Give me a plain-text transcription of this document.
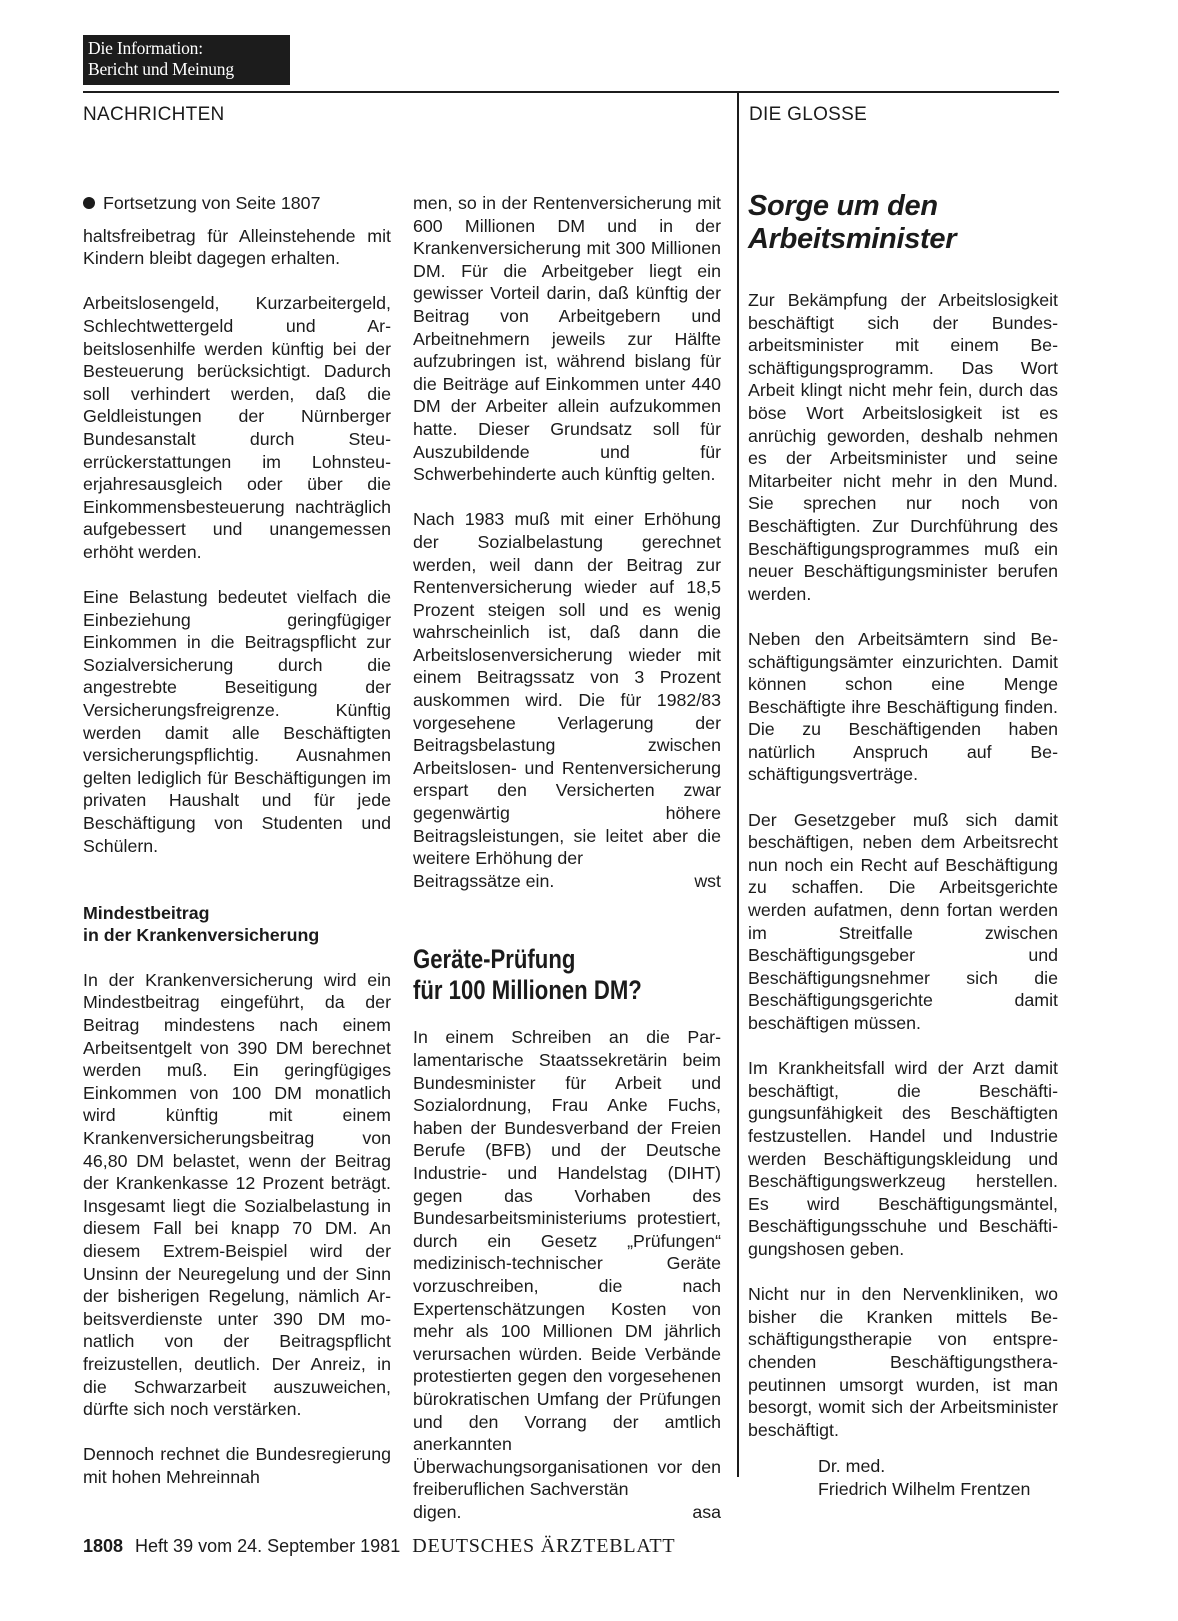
Die Information:
Bericht und Meinung
NACHRICHTEN	DIE GLOSSE

Fortsetzung von Seite 1807

haltsfreibetrag für Alleinstehende mit Kindern bleibt dagegen erhalten.

Arbeitslosengeld, Kurzarbeitergeld, Schlechtwettergeld und Arbeitslosenhilfe werden künftig bei der Besteuerung berücksichtigt. Dadurch soll verhindert werden, daß die Geldleistungen der Nürnberger Bundesanstalt durch Steuerrückerstattungen im Lohnsteuerjahresausgleich oder über die Einkommensbesteuerung nachträglich aufgebessert und unangemessen erhöht werden.

Eine Belastung bedeutet vielfach die Einbeziehung geringfügiger Einkommen in die Beitragspflicht zur Sozialversicherung durch die angestrebte Beseitigung der Versicherungsfreigrenze. Künftig werden damit alle Beschäftigten versicherungspflichtig. Ausnahmen gelten lediglich für Beschäftigungen im privaten Haushalt und für jede Beschäftigung von Studenten und Schülern.

Mindestbeitrag
in der Krankenversicherung

In der Krankenversicherung wird ein Mindestbeitrag eingeführt, da der Beitrag mindestens nach einem Arbeitsentgelt von 390 DM berechnet werden muß. Ein geringfügiges Einkommen von 100 DM monatlich wird künftig mit einem Krankenversicherungsbeitrag von 46,80 DM belastet, wenn der Beitrag der Krankenkasse 12 Prozent beträgt. Insgesamt liegt die Sozialbelastung in diesem Fall bei knapp 70 DM. An diesem Extrem-Beispiel wird der Unsinn der Neuregelung und der Sinn der bisherigen Regelung, nämlich Arbeitsverdienste unter 390 DM monatlich von der Beitragspflicht freizustellen, deutlich. Der Anreiz, in die Schwarzarbeit auszuweichen, dürfte sich noch verstärken.

Dennoch rechnet die Bundesregierung mit hohen Mehreinnah

men, so in der Rentenversicherung mit 600 Millionen DM und in der Krankenversicherung mit 300 Millionen DM. Für die Arbeitgeber liegt ein gewisser Vorteil darin, daß künftig der Beitrag von Arbeitgebern und Arbeitnehmern jeweils zur Hälfte aufzubringen ist, während bislang für die Beiträge auf Einkommen unter 440 DM der Arbeiter allein aufzukommen hatte. Dieser Grundsatz soll für Auszubildende und für Schwerbehinderte auch künftig gelten.

Nach 1983 muß mit einer Erhöhung der Sozialbelastung gerechnet werden, weil dann der Beitrag zur Rentenversicherung wieder auf 18,5 Prozent steigen soll und es wenig wahrscheinlich ist, daß dann die Arbeitslosenversicherung wieder mit einem Beitragssatz von 3 Prozent auskommen wird. Die für 1982/83 vorgesehene Verlagerung der Beitragsbelastung zwischen Arbeitslosen- und Rentenversicherung erspart den Versicherten zwar gegenwärtig höhere Beitragsleistungen, sie leitet aber die weitere Erhöhung der
Beitragssätze ein.	wst
Geräte-Prüfung
für 100 Millionen DM?
In einem Schreiben an die Parlamentarische Staatssekretärin beim Bundesminister für Arbeit und Sozialordnung, Frau Anke Fuchs, haben der Bundesverband der Freien Berufe (BFB) und der Deutsche Industrie- und Handelstag (DIHT) gegen das Vorhaben des Bundesarbeitsministeriums protestiert, durch ein Gesetz „Prüfungen“ medizinisch-technischer Geräte vorzuschreiben, die nach Expertenschätzungen Kosten von mehr als 100 Millionen DM jährlich verursachen würden. Beide Verbände protestierten gegen den vorgesehenen bürokratischen Umfang der Prüfungen und den Vorrang der amtlich anerkannten Überwachungsorganisationen vor den freiberuflichen Sachverstän
digen.	asa
Sorge um den
Arbeitsminister

Zur Bekämpfung der Arbeitslosigkeit beschäftigt sich der Bundesarbeitsminister mit einem Beschäftigungsprogramm. Das Wort Arbeit klingt nicht mehr fein, durch das böse Wort Arbeitslosigkeit ist es anrüchig geworden, deshalb nehmen es der Arbeitsminister und seine Mitarbeiter nicht mehr in den Mund. Sie sprechen nur noch von Beschäftigten. Zur Durchführung des Beschäftigungsprogrammes muß ein neuer Beschäftigungsminister berufen werden.

Neben den Arbeitsämtern sind Beschäftigungsämter einzurichten. Damit können schon eine Menge Beschäftigte ihre Beschäftigung finden. Die zu Beschäftigenden haben natürlich Anspruch auf Beschäftigungsverträge.

Der Gesetzgeber muß sich damit beschäftigen, neben dem Arbeitsrecht nun noch ein Recht auf Beschäftigung zu schaffen. Die Arbeitsgerichte werden aufatmen, denn fortan werden im Streitfalle zwischen Beschäftigungsgeber und Beschäftigungsnehmer sich die Beschäftigungsgerichte damit beschäftigen müssen.

Im Krankheitsfall wird der Arzt damit beschäftigt, die Beschäftigungsunfähigkeit des Beschäftigten festzustellen. Handel und Industrie werden Beschäftigungskleidung und Beschäftigungswerkzeug herstellen. Es wird Beschäftigungsmäntel, Beschäftigungsschuhe und Beschäftigungshosen geben.

Nicht nur in den Nervenkliniken, wo bisher die Kranken mittels Beschäftigungstherapie von entsprechenden Beschäftigungstherapeutinnen umsorgt wurden, ist man besorgt, womit sich der Arbeitsminister beschäftigt.

Dr. med.
Friedrich Wilhelm Frentzen
1808 Heft 39 vom 24. September 1981 DEUTSCHES ÄRZTEBLATT
